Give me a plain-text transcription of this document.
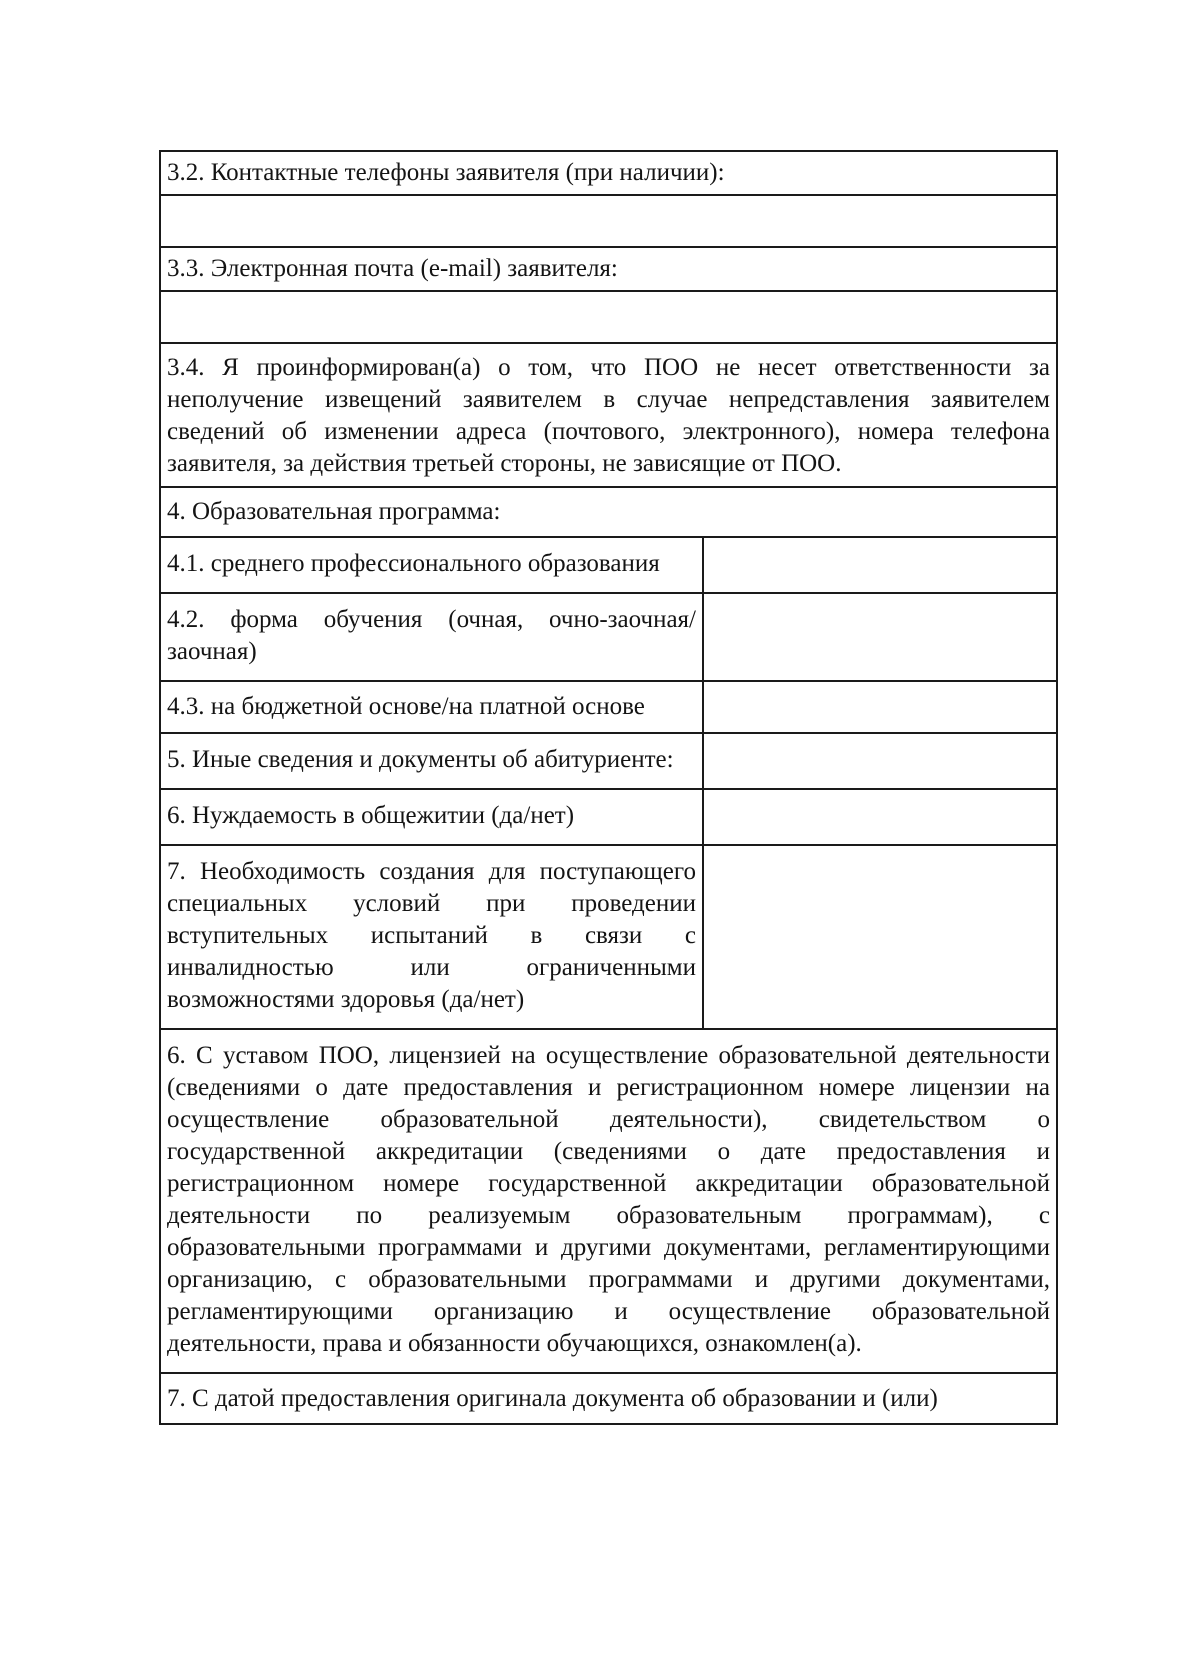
3.2. Контактные телефоны заявителя (при наличии):
3.3. Электронная почта (e-mail) заявителя:
3.4. Я проинформирован(а) о том, что ПОО не несет ответственности за неполучение извещений заявителем в случае непредставления заявителем сведений об изменении адреса (почтового, электронного), номера телефона заявителя, за действия третьей стороны, не зависящие от ПОО.
4. Образовательная программа:
4.1. среднего профессионального образования
4.2. форма обучения (очная, очно-заочная/заочная)
4.3. на бюджетной основе/на платной основе
5. Иные сведения и документы об абитуриенте:
6. Нуждаемость в общежитии (да/нет)
7. Необходимость создания для поступающего специальных условий при проведении вступительных испытаний в связи с инвалидностью или ограниченными возможностями здоровья (да/нет)
6. С уставом ПОО, лицензией на осуществление образовательной деятельности (сведениями о дате предоставления и регистрационном номере лицензии на осуществление образовательной деятельности), свидетельством о государственной аккредитации (сведениями о дате предоставления и регистрационном номере государственной аккредитации образовательной деятельности по реализуемым образовательным программам), с образовательными программами и другими документами, регламентирующими организацию, с образовательными программами и другими документами, регламентирующими организацию и осуществление образовательной деятельности, права и обязанности обучающихся, ознакомлен(а).
7. С датой предоставления оригинала документа об образовании и (или)
